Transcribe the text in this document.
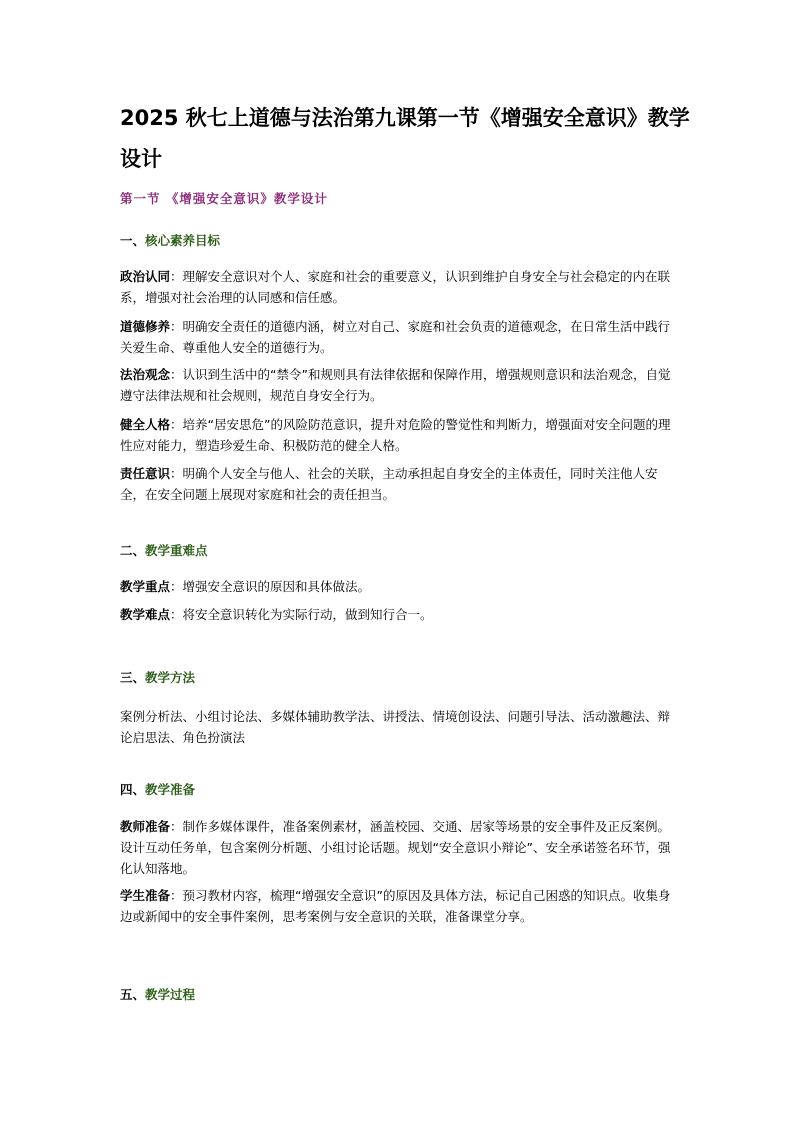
2025 秋七上道德与法治第九课第一节《增强安全意识》教学设计
第一节 《增强安全意识》教学设计
一、核心素养目标
政治认同：理解安全意识对个人、家庭和社会的重要意义，认识到维护自身安全与社会稳定的内在联系，增强对社会治理的认同感和信任感。
道德修养：明确安全责任的道德内涵，树立对自己、家庭和社会负责的道德观念，在日常生活中践行关爱生命、尊重他人安全的道德行为。
法治观念：认识到生活中的“禁令”和规则具有法律依据和保障作用，增强规则意识和法治观念，自觉遵守法律法规和社会规则，规范自身安全行为。
健全人格：培养“居安思危”的风险防范意识，提升对危险的警觉性和判断力，增强面对安全问题的理性应对能力，塑造珍爱生命、积极防范的健全人格。
责任意识：明确个人安全与他人、社会的关联，主动承担起自身安全的主体责任，同时关注他人安全，在安全问题上展现对家庭和社会的责任担当。
二、教学重难点
教学重点：增强安全意识的原因和具体做法。
教学难点：将安全意识转化为实际行动，做到知行合一。
三、教学方法
案例分析法、小组讨论法、多媒体辅助教学法、讲授法、情境创设法、问题引导法、活动激趣法、辩论启思法、角色扮演法
四、教学准备
教师准备：制作多媒体课件，准备案例素材，涵盖校园、交通、居家等场景的安全事件及正反案例。设计互动任务单，包含案例分析题、小组讨论话题。规划“安全意识小辩论”、安全承诺签名环节，强化认知落地。
学生准备：预习教材内容，梳理“增强安全意识”的原因及具体方法，标记自己困惑的知识点。收集身边或新闻中的安全事件案例，思考案例与安全意识的关联，准备课堂分享。
五、教学过程
